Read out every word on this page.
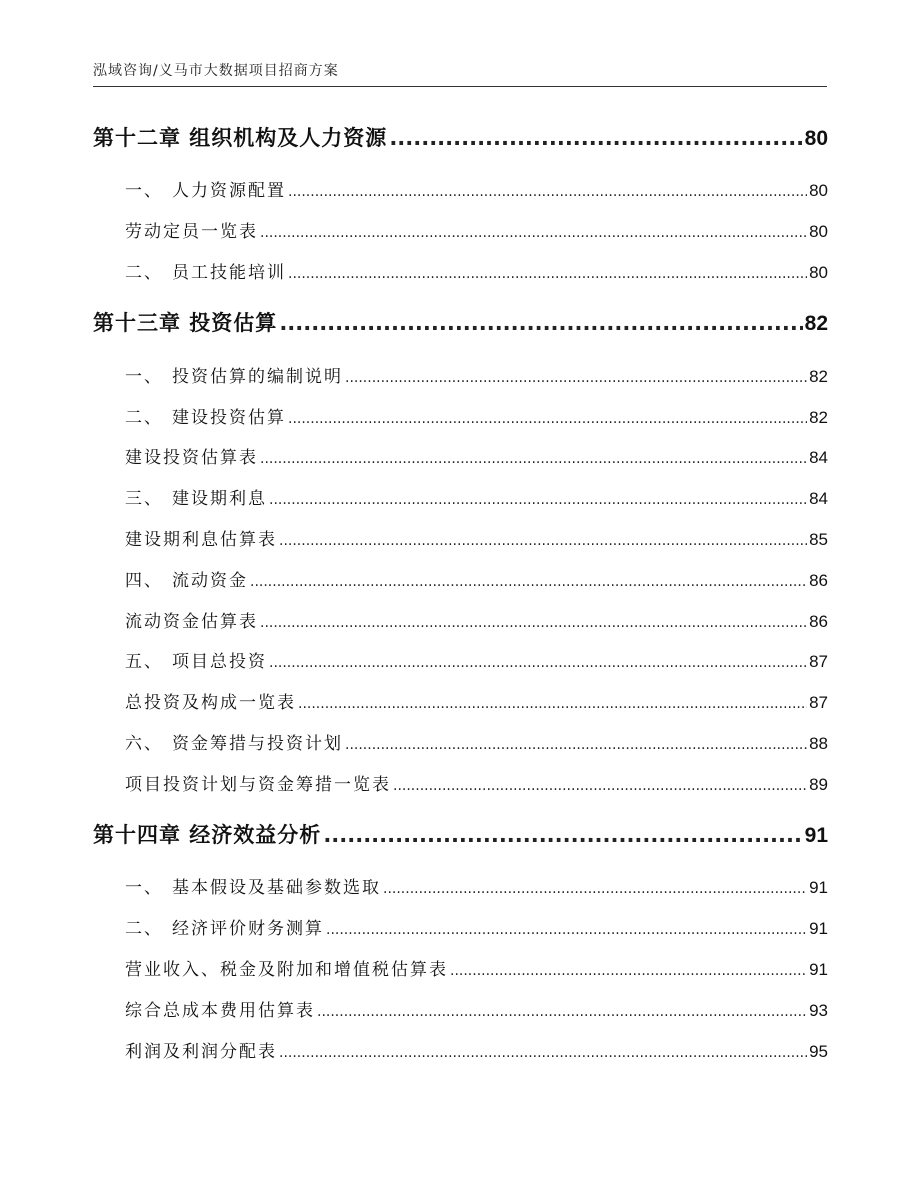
泓域咨询/义马市大数据项目招商方案
第十二章 组织机构及人力资源 .....	80
一、 人力资源配置 .....	80
劳动定员一览表 .....	80
二、 员工技能培训 .....	80
第十三章 投资估算 .....	82
一、 投资估算的编制说明 .....	82
二、 建设投资估算 .....	82
建设投资估算表 .....	84
三、 建设期利息 .....	84
建设期利息估算表 .....	85
四、 流动资金 .....	86
流动资金估算表 .....	86
五、 项目总投资 .....	87
总投资及构成一览表 .....	87
六、 资金筹措与投资计划 .....	88
项目投资计划与资金筹措一览表 .....	89
第十四章 经济效益分析 .....	91
一、 基本假设及基础参数选取 .....	91
二、 经济评价财务测算 .....	91
营业收入、税金及附加和增值税估算表 .....	91
综合总成本费用估算表 .....	93
利润及利润分配表 .....	95
